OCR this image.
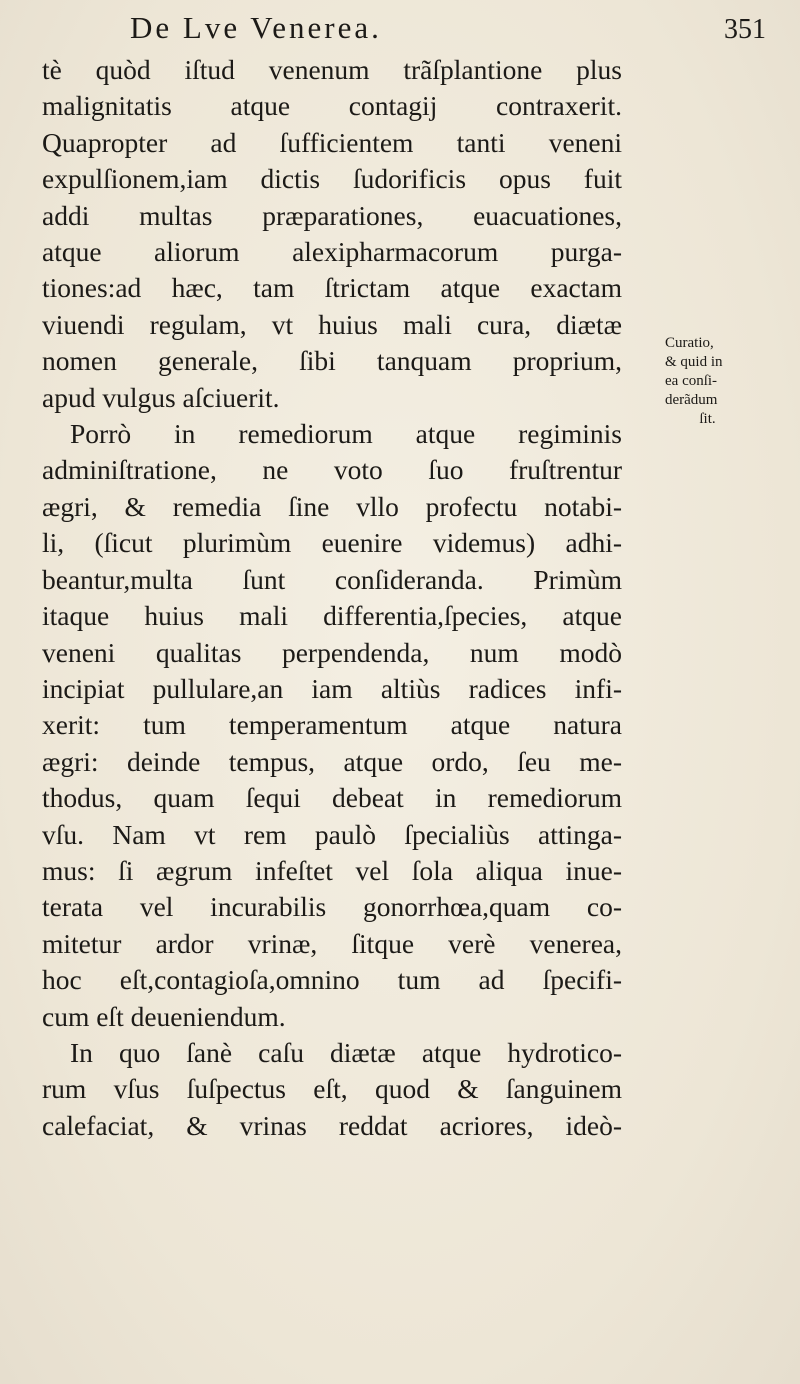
De Lve Venerea.	351
tè quòd iſtud venenum trãſplantione plus
malignitatis atque contagij contraxerit.
Quapropter ad ſufficientem tanti veneni
expulſionem,iam dictis ſudorificis opus fuit
addi multas præparationes, euacuationes,
atque aliorum alexipharmacorum purga-
tiones:ad hæc, tam ſtrictam atque exactam
viuendi regulam, vt huius mali cura, diætæ
nomen generale, ſibi tanquam proprium,
apud vulgus aſciuerit.
Porrò in remediorum atque regiminis
adminiſtratione, ne voto ſuo fruſtrentur
ægri, & remedia ſine vllo profectu notabi-
li, (ſicut plurimùm euenire videmus) adhi-
beantur,multa ſunt conſideranda. Primùm
itaque huius mali differentia,ſpecies, atque
veneni qualitas perpendenda, num modò
incipiat pullulare,an iam altiùs radices infi-
xerit: tum temperamentum atque natura
ægri: deinde tempus, atque ordo, ſeu me-
thodus, quam ſequi debeat in remediorum
vſu. Nam vt rem paulò ſpecialiùs attinga-
mus: ſi ægrum infeſtet vel ſola aliqua inue-
terata vel incurabilis gonorrhœa,quam co-
mitetur ardor vrinæ, ſitque verè venerea,
hoc eſt,contagioſa,omnino tum ad ſpecifi-
cum eſt deueniendum.
In quo ſanè caſu diætæ atque hydrotico-
rum vſus ſuſpectus eſt, quod & ſanguinem
calefaciat, & vrinas reddat acriores, ideò-
Curatio,
& quid in
ea conſi-
derãdum
ſit.
